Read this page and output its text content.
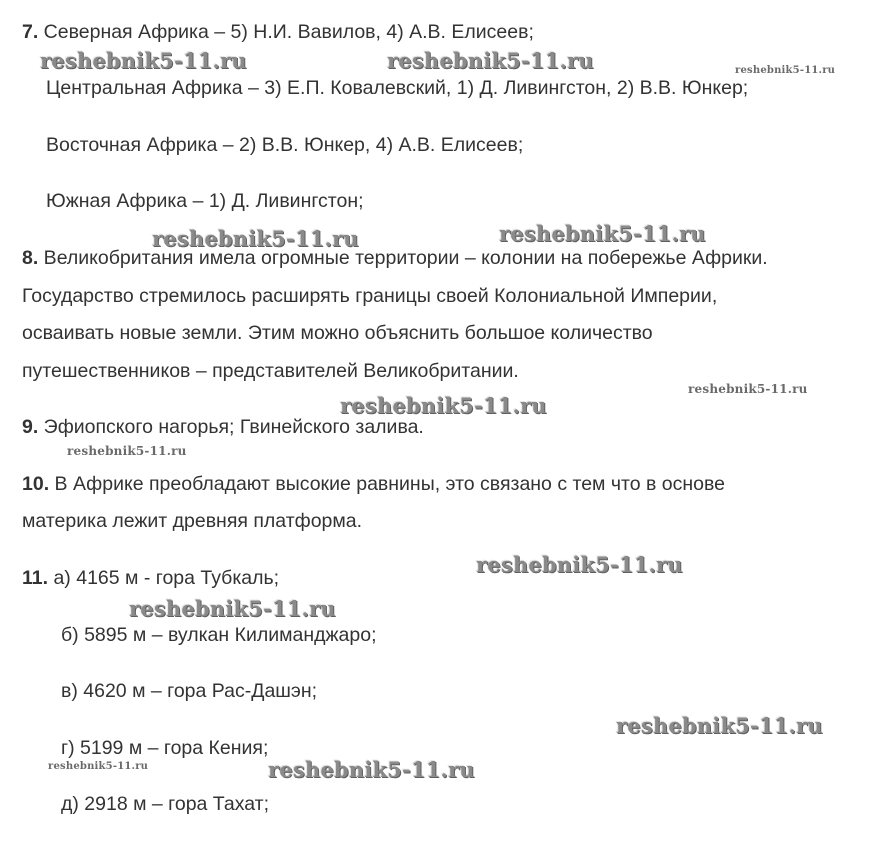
7. Северная Африка – 5) Н.И. Вавилов, 4) А.В. Елисеев;
Центральная Африка – 3) Е.П. Ковалевский, 1) Д. Ливингстон, 2) В.В. Юнкер;
Восточная Африка – 2) В.В. Юнкер, 4) А.В. Елисеев;
Южная Африка – 1) Д. Ливингстон;
8. Великобритания имела огромные территории – колонии на побережье Африки.
Государство стремилось расширять границы своей Колониальной Империи,
осваивать новые земли. Этим можно объяснить большое количество
путешественников – представителей Великобритании.
9. Эфиопского нагорья; Гвинейского залива.
10. В Африке преобладают высокие равнины, это связано с тем что в основе
материка лежит древняя платформа.
11. а) 4165 м - гора Тубкаль;
б) 5895 м – вулкан Килиманджаро;
в) 4620 м – гора Рас-Дашэн;
г) 5199 м – гора Кения;
д) 2918 м – гора Тахат;
reshebnik5-11.ru	reshebnik5-11.ru	reshebnik5-11.ru
reshebnik5-11.ru	reshebnik5-11.ru
reshebnik5-11.ru
reshebnik5-11.ru
reshebnik5-11.ru
reshebnik5-11.ru
reshebnik5-11.ru
reshebnik5-11.ru
reshebnik5-11.ru	reshebnik5-11.ru
